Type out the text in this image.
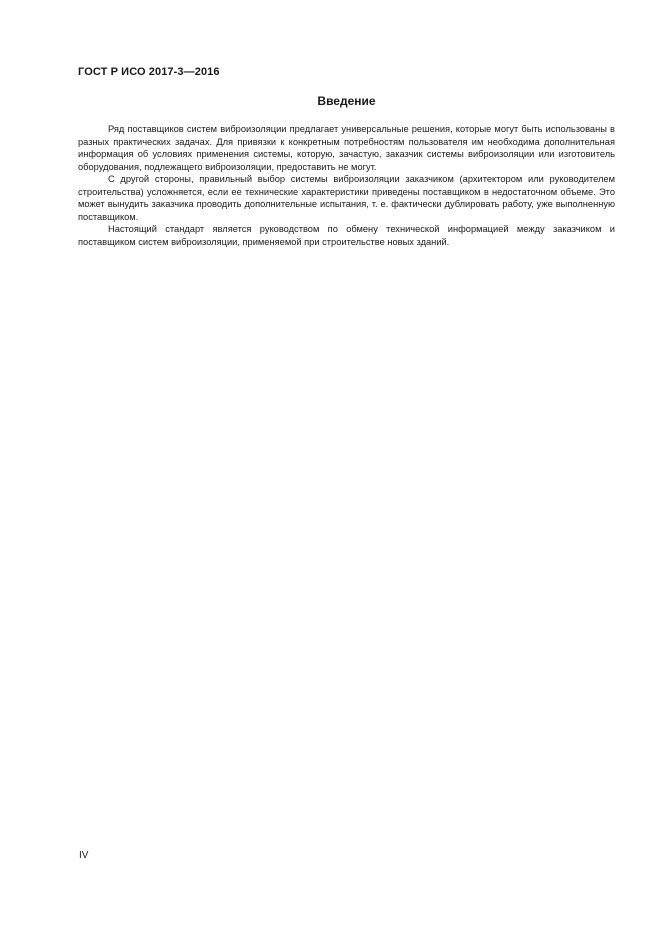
ГОСТ Р ИСО 2017-3—2016
Введение

Ряд поставщиков систем виброизоляции предлагает универсальные решения, которые могут быть использованы в разных практических задачах. Для привязки к конкретным потребностям пользователя им необходима дополнительная информация об условиях применения системы, которую, зачастую, заказчик системы виброизоляции или изготовитель оборудования, подлежащего виброизоляции, предоставить не могут.

С другой стороны, правильный выбор системы виброизоляции заказчиком (архитектором или руководителем строительства) усложняется, если ее технические характеристики приведены поставщиком в недостаточном объеме. Это может вынудить заказчика проводить дополнительные испытания, т. е. фактически дублировать работу, уже выполненную поставщиком.

Настоящий стандарт является руководством по обмену технической информацией между заказчиком и поставщиком систем виброизоляции, применяемой при строительстве новых зданий.

IV
